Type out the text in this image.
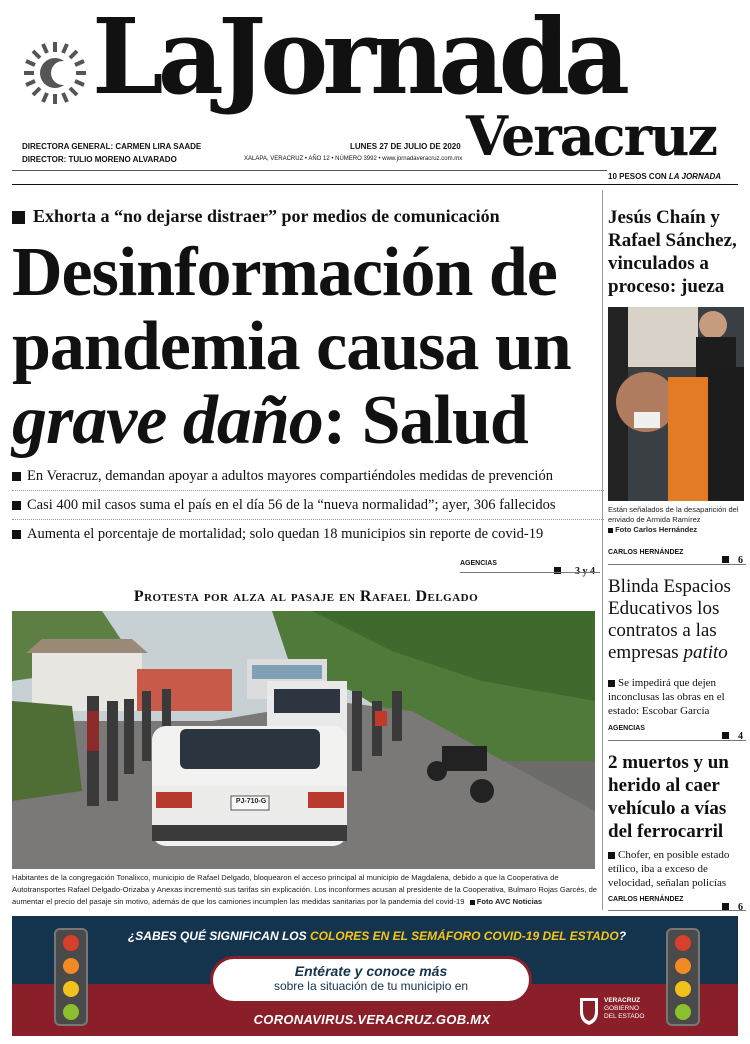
LaJornada
Veracruz
DIRECTORA GENERAL: CARMEN LIRA SAADE
DIRECTOR: TULIO MORENO ALVARADO
LUNES 27 DE JULIO DE 2020
XALAPA, VERACRUZ • AÑO 12 • NÚMERO 3992 • www.jornadaveracruz.com.mx
10 PESOS CON LA JORNADA
Exhorta a “no dejarse distraer” por medios de comunicación
Desinformación de
pandemia causa un
grave daño: Salud
En Veracruz, demandan apoyar a adultos mayores compartiéndoles medidas de prevención
Casi 400 mil casos suma el país en el día 56 de la “nueva normalidad”; ayer, 306 fallecidos
Aumenta el porcentaje de mortalidad; solo quedan 18 municipios sin reporte de covid-19
AGENCIAS
3 y 4
Protesta por alza al pasaje en Rafael Delgado
PJ-710-G
Habitantes de la congregación Tonalixco, municipio de Rafael Delgado, bloquearon el acceso principal al municipio de Magdalena, debido a que la Cooperativa de Autotransportes Rafael Delgado-Orizaba y Anexas incrementó sus tarifas sin explicación. Los inconformes acusan al presidente de la Cooperativa, Bulmaro Rojas Garcés, de aumentar el precio del pasaje sin motivo, además de que los camiones incumplen las medidas sanitarias por la pandemia del covid-19 Foto AVC Noticias
Jesús Chaín y Rafael Sánchez, vinculados a proceso: jueza
Están señalados de la desaparición del enviado de Armida Ramírez
Foto Carlos Hernández
CARLOS HERNÁNDEZ
6
Blinda Espacios Educativos los contratos a las empresas patito
Se impedirá que dejen inconclusas las obras en el estado: Escobar García
AGENCIAS
4
2 muertos y un herido al caer vehículo a vías del ferrocarril
Chofer, en posible estado etílico, iba a exceso de velocidad, señalan policías
CARLOS HERNÁNDEZ
6
¿SABES QUÉ SIGNIFICAN LOS COLORES EN EL SEMÁFORO COVID-19 DEL ESTADO?
Entérate y conoce más
sobre la situación de tu municipio en
CORONAVIRUS.VERACRUZ.GOB.MX
VERACRUZ
GOBIERNO
DEL ESTADO
